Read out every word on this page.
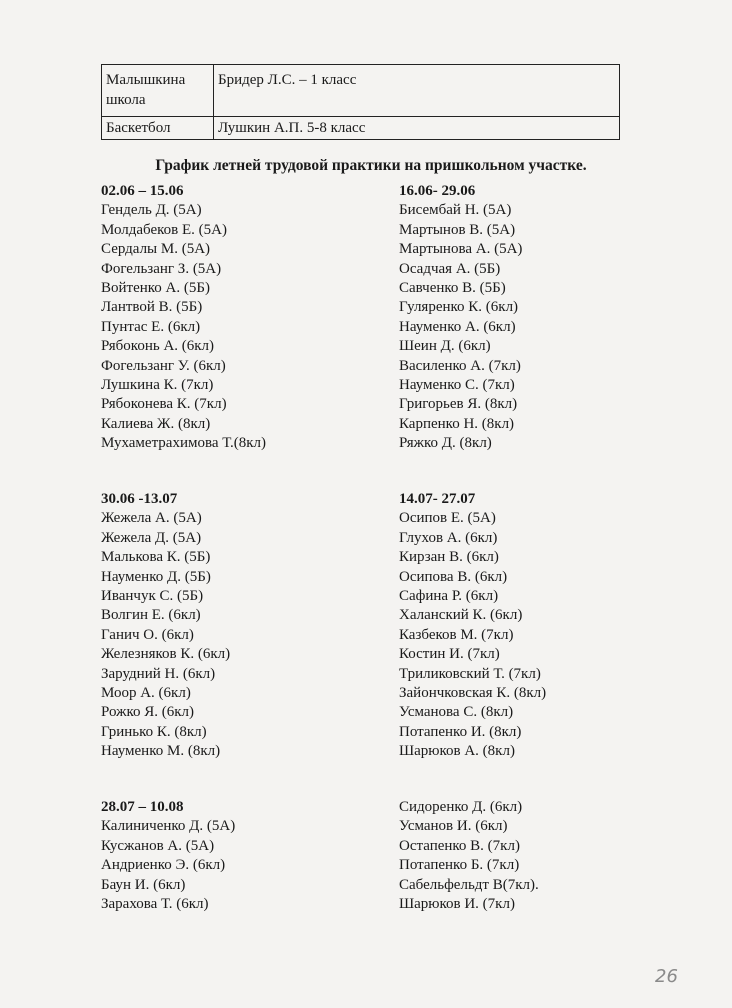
Малышкина школа	Бридер Л.С. – 1 класс
Баскетбол	Лушкин А.П. 5-8 класс
График летней трудовой практики на пришкольном участке.
02.06 – 15.06
Гендель Д. (5А)
Молдабеков Е. (5А)
Сердалы М. (5А)
Фогельзанг З. (5А)
Войтенко А. (5Б)
Лантвой В. (5Б)
Пунтас Е. (6кл)
Рябоконь А. (6кл)
Фогельзанг У. (6кл)
Лушкина К. (7кл)
Рябоконева К. (7кл)
Калиева Ж. (8кл)
Мухаметрахимова Т.(8кл)
16.06- 29.06
Бисембай Н. (5А)
Мартынов В. (5А)
Мартынова А. (5А)
Осадчая А. (5Б)
Савченко В. (5Б)
Гуляренко К. (6кл)
Науменко А. (6кл)
Шеин Д. (6кл)
Василенко А. (7кл)
Науменко С. (7кл)
Григорьев Я. (8кл)
Карпенко Н. (8кл)
Ряжко Д. (8кл)
30.06 -13.07
Жежела А. (5А)
Жежела Д. (5А)
Малькова К. (5Б)
Науменко Д. (5Б)
Иванчук С. (5Б)
Волгин Е. (6кл)
Ганич О. (6кл)
Железняков К. (6кл)
Зарудний Н. (6кл)
Моор А. (6кл)
Рожко Я. (6кл)
Гринько К. (8кл)
Науменко М. (8кл)
14.07- 27.07
Осипов Е. (5А)
Глухов А. (6кл)
Кирзан В. (6кл)
Осипова В. (6кл)
Сафина Р. (6кл)
Халанский К. (6кл)
Казбеков М. (7кл)
Костин И. (7кл)
Триликовский Т. (7кл)
Зайончковская К. (8кл)
Усманова С. (8кл)
Потапенко И. (8кл)
Шарюков А. (8кл)
28.07 – 10.08
Калиниченко Д. (5А)
Кусжанов А. (5А)
Андриенко Э. (6кл)
Баун И. (6кл)
Зарахова Т. (6кл)
Сидоренко Д. (6кл)
Усманов И. (6кл)
Остапенко В. (7кл)
Потапенко Б. (7кл)
Сабельфельдт В(7кл).
Шарюков И. (7кл)
26
